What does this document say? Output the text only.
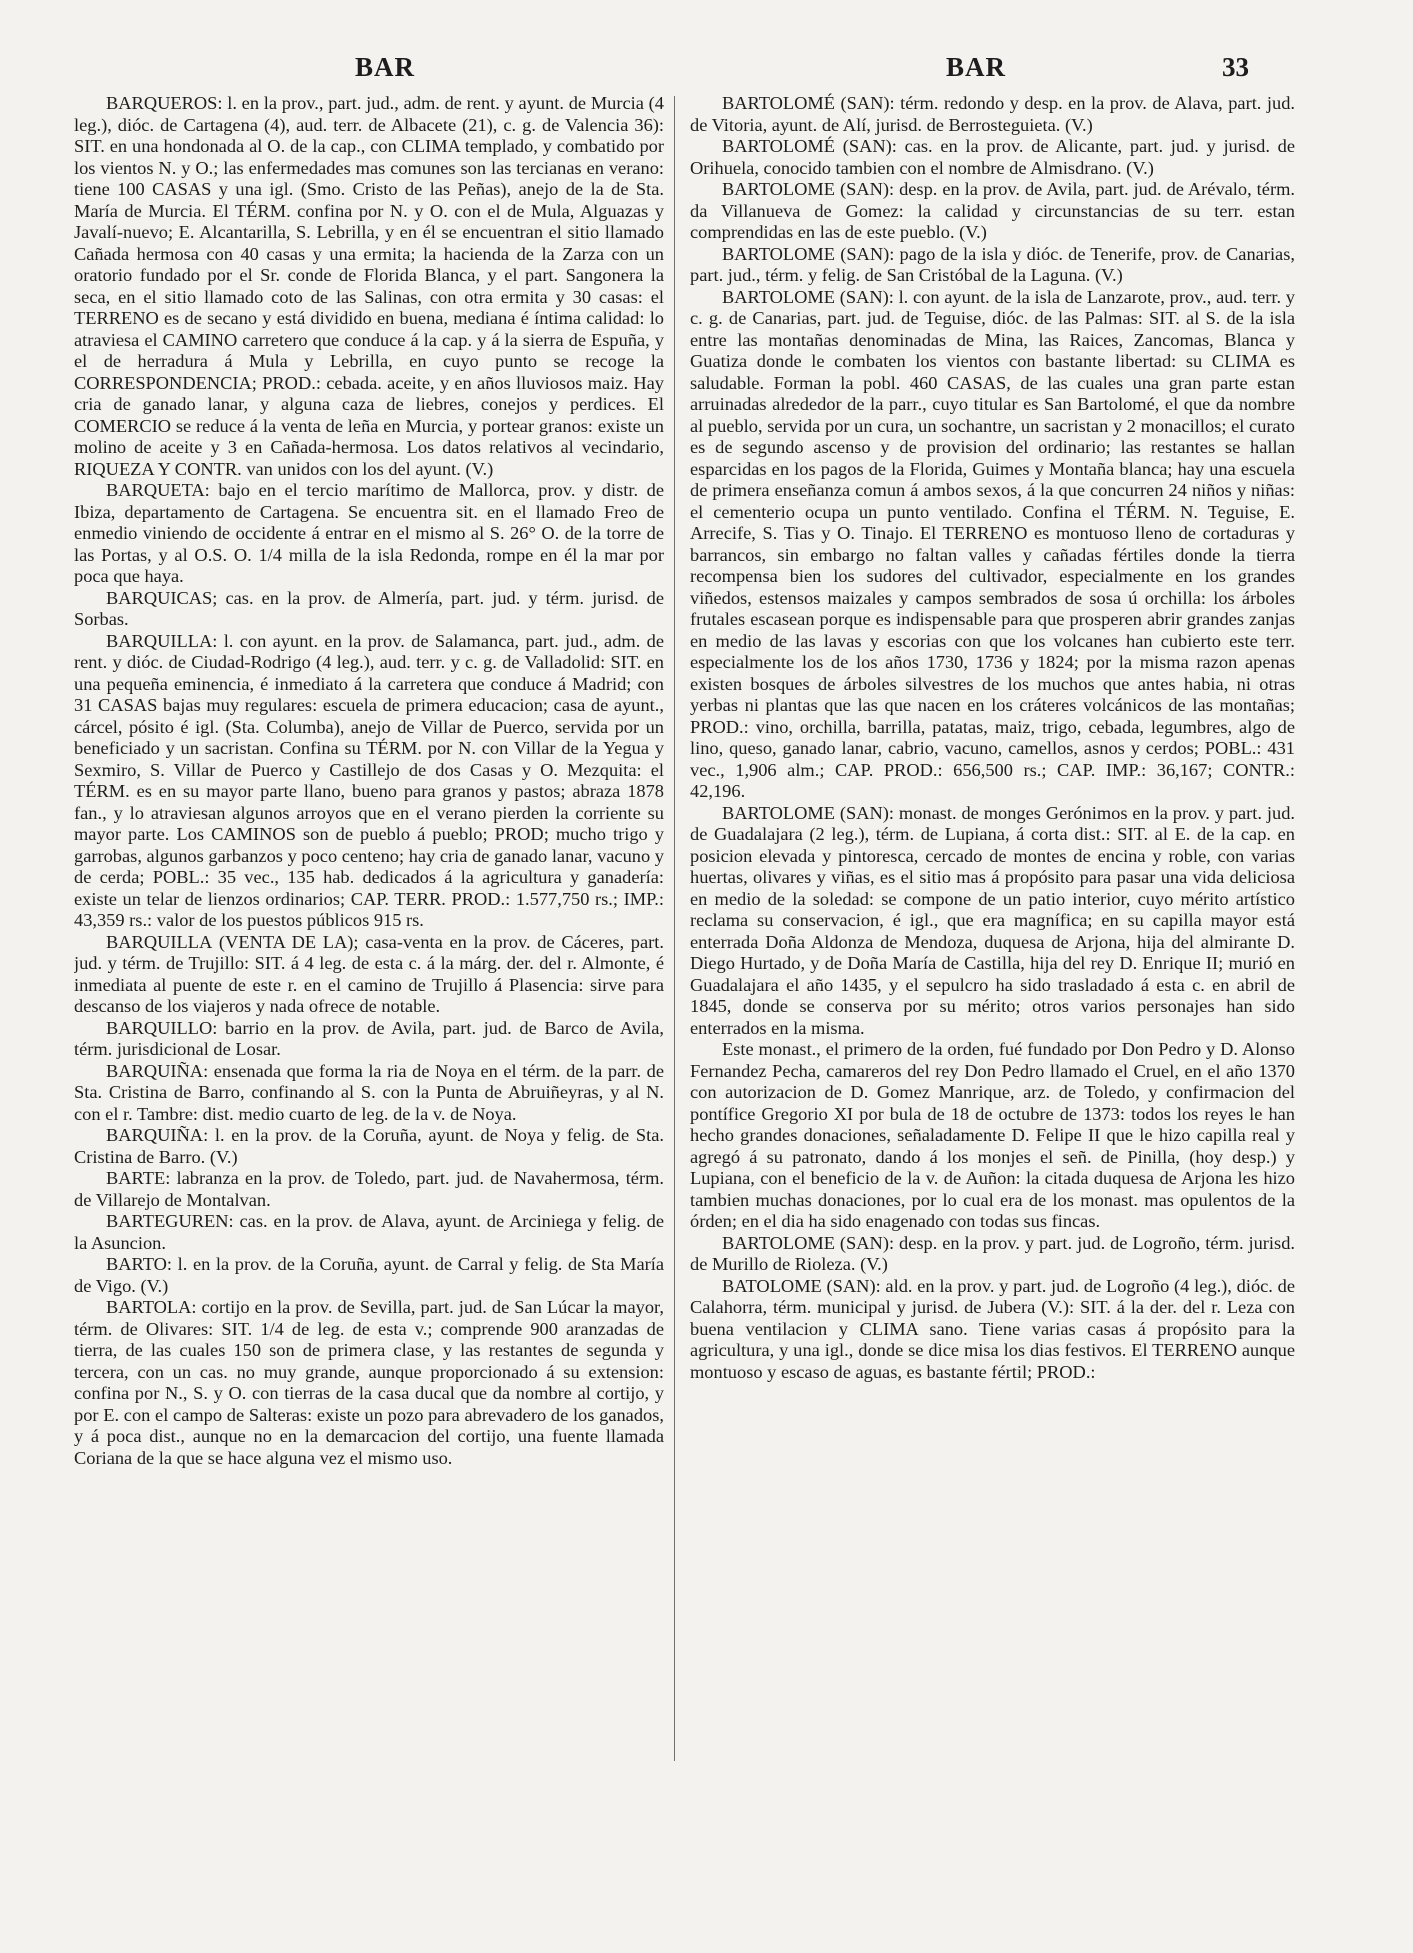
BAR	BAR	33

BARQUEROS: l. en la prov., part. jud., adm. de rent. y ayunt. de Murcia (4 leg.), dióc. de Cartagena (4), aud. terr. de Albacete (21), c. g. de Valencia 36): SIT. en una hondonada al O. de la cap., con CLIMA templado, y combatido por los vientos N. y O.; las enfermedades mas comunes son las tercianas en verano: tiene 100 CASAS y una igl. (Smo. Cristo de las Peñas), anejo de la de Sta. María de Murcia. El TÉRM. confina por N. y O. con el de Mula, Alguazas y Javalí-nuevo; E. Alcantarilla, S. Lebrilla, y en él se encuentran el sitio llamado Cañada hermosa con 40 casas y una ermita; la hacienda de la Zarza con un oratorio fundado por el Sr. conde de Florida Blanca, y el part. Sangonera la seca, en el sitio llamado coto de las Salinas, con otra ermita y 30 casas: el TERRENO es de secano y está dividido en buena, mediana é íntima calidad: lo atraviesa el CAMINO carretero que conduce á la cap. y á la sierra de Espuña, y el de herradura á Mula y Lebrilla, en cuyo punto se recoge la CORRESPONDENCIA; PROD.: cebada. aceite, y en años lluviosos maiz. Hay cria de ganado lanar, y alguna caza de liebres, conejos y perdices. El COMERCIO se reduce á la venta de leña en Murcia, y portear granos: existe un molino de aceite y 3 en Cañada-hermosa. Los datos relativos al vecindario, RIQUEZA Y CONTR. van unidos con los del ayunt. (V.)

BARQUETA: bajo en el tercio marítimo de Mallorca, prov. y distr. de Ibiza, departamento de Cartagena. Se encuentra sit. en el llamado Freo de enmedio viniendo de occidente á entrar en el mismo al S. 26° O. de la torre de las Portas, y al O.S. O. 1/4 milla de la isla Redonda, rompe en él la mar por poca que haya.

BARQUICAS; cas. en la prov. de Almería, part. jud. y térm. jurisd. de Sorbas.

BARQUILLA: l. con ayunt. en la prov. de Salamanca, part. jud., adm. de rent. y dióc. de Ciudad-Rodrigo (4 leg.), aud. terr. y c. g. de Valladolid: SIT. en una pequeña eminencia, é inmediato á la carretera que conduce á Madrid; con 31 CASAS bajas muy regulares: escuela de primera educacion; casa de ayunt., cárcel, pósito é igl. (Sta. Columba), anejo de Villar de Puerco, servida por un beneficiado y un sacristan. Confina su TÉRM. por N. con Villar de la Yegua y Sexmiro, S. Villar de Puerco y Castillejo de dos Casas y O. Mezquita: el TÉRM. es en su mayor parte llano, bueno para granos y pastos; abraza 1878 fan., y lo atraviesan algunos arroyos que en el verano pierden la corriente su mayor parte. Los CAMINOS son de pueblo á pueblo; PROD; mucho trigo y garrobas, algunos garbanzos y poco centeno; hay cria de ganado lanar, vacuno y de cerda; POBL.: 35 vec., 135 hab. dedicados á la agricultura y ganadería: existe un telar de lienzos ordinarios; CAP. TERR. PROD.: 1.577,750 rs.; IMP.: 43,359 rs.: valor de los puestos públicos 915 rs.

BARQUILLA (VENTA DE LA); casa-venta en la prov. de Cáceres, part. jud. y térm. de Trujillo: SIT. á 4 leg. de esta c. á la márg. der. del r. Almonte, é inmediata al puente de este r. en el camino de Trujillo á Plasencia: sirve para descanso de los viajeros y nada ofrece de notable.

BARQUILLO: barrio en la prov. de Avila, part. jud. de Barco de Avila, térm. jurisdicional de Losar.

BARQUIÑA: ensenada que forma la ria de Noya en el térm. de la parr. de Sta. Cristina de Barro, confinando al S. con la Punta de Abruiñeyras, y al N. con el r. Tambre: dist. medio cuarto de leg. de la v. de Noya.

BARQUIÑA: l. en la prov. de la Coruña, ayunt. de Noya y felig. de Sta. Cristina de Barro. (V.)

BARTE: labranza en la prov. de Toledo, part. jud. de Navahermosa, térm. de Villarejo de Montalvan.

BARTEGUREN: cas. en la prov. de Alava, ayunt. de Arciniega y felig. de la Asuncion.

BARTO: l. en la prov. de la Coruña, ayunt. de Carral y felig. de Sta María de Vigo. (V.)

BARTOLA: cortijo en la prov. de Sevilla, part. jud. de San Lúcar la mayor, térm. de Olivares: SIT. 1/4 de leg. de esta v.; comprende 900 aranzadas de tierra, de las cuales 150 son de primera clase, y las restantes de segunda y tercera, con un cas. no muy grande, aunque proporcionado á su extension: confina por N., S. y O. con tierras de la casa ducal que da nombre al cortijo, y por E. con el campo de Salteras: existe un pozo para abrevadero de los ganados, y á poca dist., aunque no en la demarcacion del cortijo, una fuente llamada Coriana de la que se hace alguna vez el mismo uso.

BARTOLOMÉ (SAN): térm. redondo y desp. en la prov. de Alava, part. jud. de Vitoria, ayunt. de Alí, jurisd. de Berrosteguieta. (V.)

BARTOLOMÉ (SAN): cas. en la prov. de Alicante, part. jud. y jurisd. de Orihuela, conocido tambien con el nombre de Almisdrano. (V.)

BARTOLOME (SAN): desp. en la prov. de Avila, part. jud. de Arévalo, térm. da Villanueva de Gomez: la calidad y circunstancias de su terr. estan comprendidas en las de este pueblo. (V.)

BARTOLOME (SAN): pago de la isla y dióc. de Tenerife, prov. de Canarias, part. jud., térm. y felig. de San Cristóbal de la Laguna. (V.)

BARTOLOME (SAN): l. con ayunt. de la isla de Lanzarote, prov., aud. terr. y c. g. de Canarias, part. jud. de Teguise, dióc. de las Palmas: SIT. al S. de la isla entre las montañas denominadas de Mina, las Raices, Zancomas, Blanca y Guatiza donde le combaten los vientos con bastante libertad: su CLIMA es saludable. Forman la pobl. 460 CASAS, de las cuales una gran parte estan arruinadas alrededor de la parr., cuyo titular es San Bartolomé, el que da nombre al pueblo, servida por un cura, un sochantre, un sacristan y 2 monacillos; el curato es de segundo ascenso y de provision del ordinario; las restantes se hallan esparcidas en los pagos de la Florida, Guimes y Montaña blanca; hay una escuela de primera enseñanza comun á ambos sexos, á la que concurren 24 niños y niñas: el cementerio ocupa un punto ventilado. Confina el TÉRM. N. Teguise, E. Arrecife, S. Tias y O. Tinajo. El TERRENO es montuoso lleno de cortaduras y barrancos, sin embargo no faltan valles y cañadas fértiles donde la tierra recompensa bien los sudores del cultivador, especialmente en los grandes viñedos, estensos maizales y campos sembrados de sosa ú orchilla: los árboles frutales escasean porque es indispensable para que prosperen abrir grandes zanjas en medio de las lavas y escorias con que los volcanes han cubierto este terr. especialmente los de los años 1730, 1736 y 1824; por la misma razon apenas existen bosques de árboles silvestres de los muchos que antes habia, ni otras yerbas ni plantas que las que nacen en los cráteres volcánicos de las montañas; PROD.: vino, orchilla, barrilla, patatas, maiz, trigo, cebada, legumbres, algo de lino, queso, ganado lanar, cabrio, vacuno, camellos, asnos y cerdos; POBL.: 431 vec., 1,906 alm.; CAP. PROD.: 656,500 rs.; CAP. IMP.: 36,167; CONTR.: 42,196.

BARTOLOME (SAN): monast. de monges Gerónimos en la prov. y part. jud. de Guadalajara (2 leg.), térm. de Lupiana, á corta dist.: SIT. al E. de la cap. en posicion elevada y pintoresca, cercado de montes de encina y roble, con varias huertas, olivares y viñas, es el sitio mas á propósito para pasar una vida deliciosa en medio de la soledad: se compone de un patio interior, cuyo mérito artístico reclama su conservacion, é igl., que era magnífica; en su capilla mayor está enterrada Doña Aldonza de Mendoza, duquesa de Arjona, hija del almirante D. Diego Hurtado, y de Doña María de Castilla, hija del rey D. Enrique II; murió en Guadalajara el año 1435, y el sepulcro ha sido trasladado á esta c. en abril de 1845, donde se conserva por su mérito; otros varios personajes han sido enterrados en la misma.

Este monast., el primero de la orden, fué fundado por Don Pedro y D. Alonso Fernandez Pecha, camareros del rey Don Pedro llamado el Cruel, en el año 1370 con autorizacion de D. Gomez Manrique, arz. de Toledo, y confirmacion del pontífice Gregorio XI por bula de 18 de octubre de 1373: todos los reyes le han hecho grandes donaciones, señaladamente D. Felipe II que le hizo capilla real y agregó á su patronato, dando á los monjes el señ. de Pinilla, (hoy desp.) y Lupiana, con el beneficio de la v. de Auñon: la citada duquesa de Arjona les hizo tambien muchas donaciones, por lo cual era de los monast. mas opulentos de la órden; en el dia ha sido enagenado con todas sus fincas.

BARTOLOME (SAN): desp. en la prov. y part. jud. de Logroño, térm. jurisd. de Murillo de Rioleza. (V.)

BATOLOME (SAN): ald. en la prov. y part. jud. de Logroño (4 leg.), dióc. de Calahorra, térm. municipal y jurisd. de Jubera (V.): SIT. á la der. del r. Leza con buena ventilacion y CLIMA sano. Tiene varias casas á propósito para la agricultura, y una igl., donde se dice misa los dias festivos. El TERRENO aunque montuoso y escaso de aguas, es bastante fértil; PROD.:
